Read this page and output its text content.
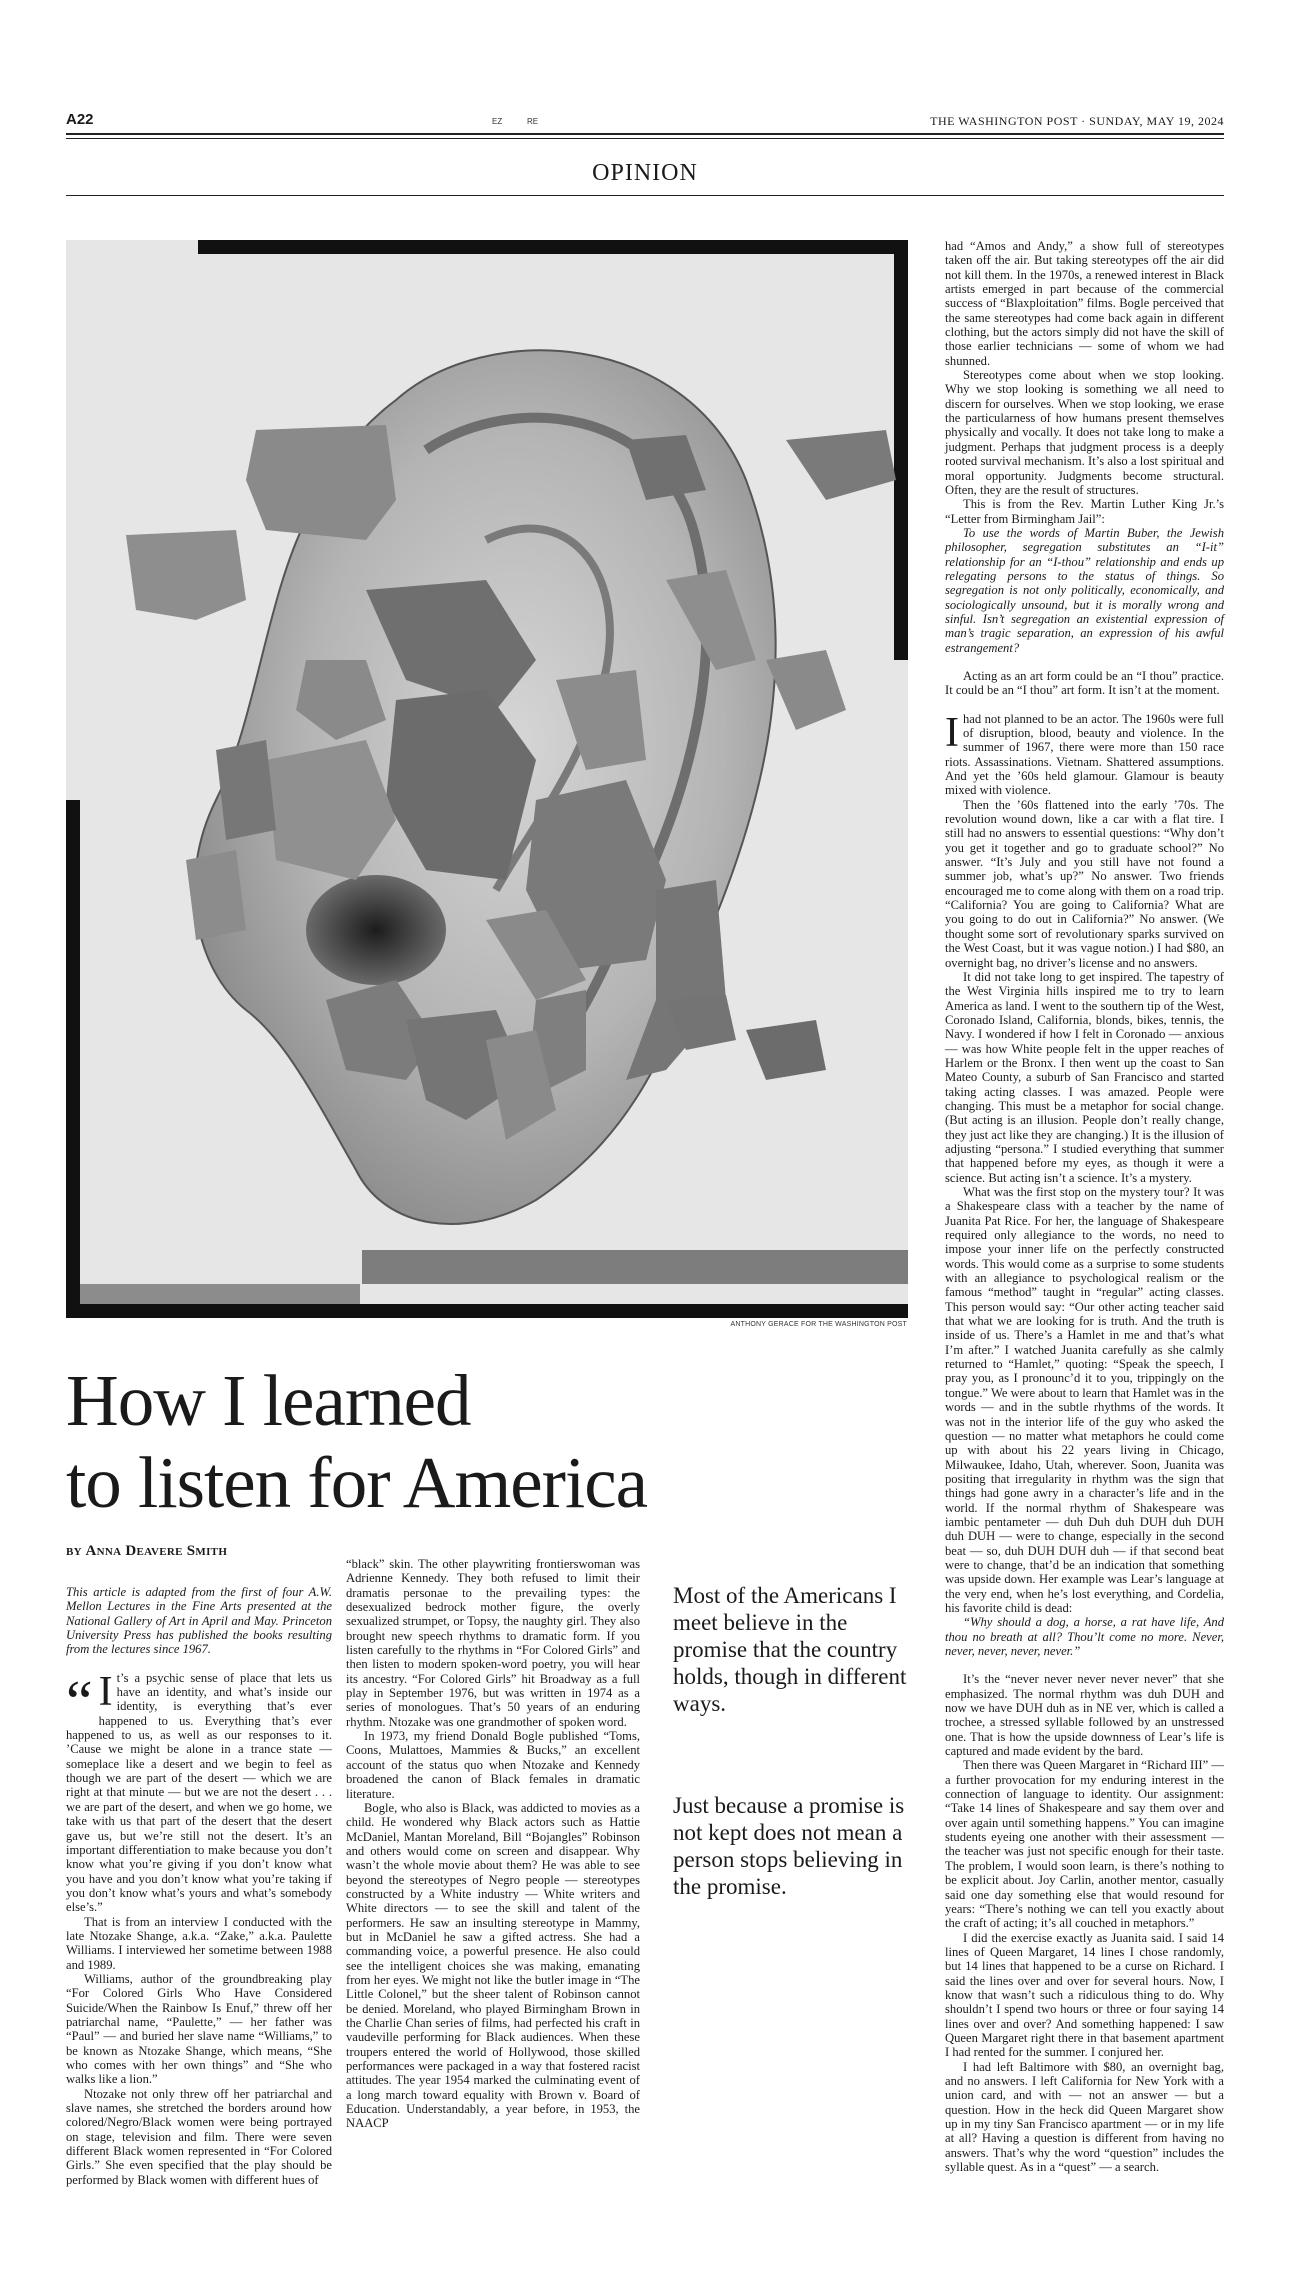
A22	EZ	RE	THE WASHINGTON POST · SUNDAY, MAY 19, 2024
OPINION
ANTHONY GERACE FOR THE WASHINGTON POST
How I learned
to listen for America
BY Anna Deavere Smith

This article is adapted from the first of four A.W. Mellon Lectures in the Fine Arts presented at the National Gallery of Art in April and May. Princeton University Press has published the books resulting from the lectures since 1967.

“ I t’s a psychic sense of place that lets us have an identity, and what’s inside our identity, is everything that’s ever happened to us. Everything that’s ever happened to us, as well as our responses to it. ’Cause we might be alone in a trance state — someplace like a desert and we begin to feel as though we are part of the desert — which we are right at that minute — but we are not the desert . . . we are part of the desert, and when we go home, we take with us that part of the desert that the desert gave us, but we’re still not the desert. It’s an important differentiation to make because you don’t know what you’re giving if you don’t know what you have and you don’t know what you’re taking if you don’t know what’s yours and what’s somebody else’s.”

That is from an interview I conducted with the late Ntozake Shange, a.k.a. “Zake,” a.k.a. Paulette Williams. I interviewed her sometime between 1988 and 1989.

Williams, author of the groundbreaking play “For Colored Girls Who Have Considered Suicide/When the Rainbow Is Enuf,” threw off her patriarchal name, “Paulette,” — her father was “Paul” — and buried her slave name “Williams,” to be known as Ntozake Shange, which means, “She who comes with her own things” and “She who walks like a lion.”

Ntozake not only threw off her patriarchal and slave names, she stretched the borders around how colored/Negro/Black women were being portrayed on stage, television and film. There were seven different Black women represented in “For Colored Girls.” She even specified that the play should be performed by Black women with different hues of

“black” skin. The other playwriting frontierswoman was Adrienne Kennedy. They both refused to limit their dramatis personae to the prevailing types: the desexualized bedrock mother figure, the overly sexualized strumpet, or Topsy, the naughty girl. They also brought new speech rhythms to dramatic form. If you listen carefully to the rhythms in “For Colored Girls” and then listen to modern spoken-word poetry, you will hear its ancestry. “For Colored Girls” hit Broadway as a full play in September 1976, but was written in 1974 as a series of monologues. That’s 50 years of an enduring rhythm. Ntozake was one grandmother of spoken word.

In 1973, my friend Donald Bogle published “Toms, Coons, Mulattoes, Mammies & Bucks,” an excellent account of the status quo when Ntozake and Kennedy broadened the canon of Black females in dramatic literature.

Bogle, who also is Black, was addicted to movies as a child. He wondered why Black actors such as Hattie McDaniel, Mantan Moreland, Bill “Bojangles” Robinson and others would come on screen and disappear. Why wasn’t the whole movie about them? He was able to see beyond the stereotypes of Negro people — stereotypes constructed by a White industry — White writers and White directors — to see the skill and talent of the performers. He saw an insulting stereotype in Mammy, but in McDaniel he saw a gifted actress. She had a commanding voice, a powerful presence. He also could see the intelligent choices she was making, emanating from her eyes. We might not like the butler image in “The Little Colonel,” but the sheer talent of Robinson cannot be denied. Moreland, who played Birmingham Brown in the Charlie Chan series of films, had perfected his craft in vaudeville performing for Black audiences. When these troupers entered the world of Hollywood, those skilled performances were packaged in a way that fostered racist attitudes. The year 1954 marked the culminating event of a long march toward equality with Brown v. Board of Education. Understandably, a year before, in 1953, the NAACP

Most of the Americans I meet believe in the promise that the country holds, though in different ways.
Just because a promise is not kept does not mean a person stops believing in the promise.

had “Amos and Andy,” a show full of stereotypes taken off the air. But taking stereotypes off the air did not kill them. In the 1970s, a renewed interest in Black artists emerged in part because of the commercial success of “Blaxploitation” films. Bogle perceived that the same stereotypes had come back again in different clothing, but the actors simply did not have the skill of those earlier technicians — some of whom we had shunned.

Stereotypes come about when we stop looking. Why we stop looking is something we all need to discern for ourselves. When we stop looking, we erase the particularness of how humans present themselves physically and vocally. It does not take long to make a judgment. Perhaps that judgment process is a deeply rooted survival mechanism. It’s also a lost spiritual and moral opportunity. Judgments become structural. Often, they are the result of structures.

This is from the Rev. Martin Luther King Jr.’s “Letter from Birmingham Jail”:

To use the words of Martin Buber, the Jewish philosopher, segregation substitutes an “I-it” relationship for an “I-thou” relationship and ends up relegating persons to the status of things. So segregation is not only politically, economically, and sociologically unsound, but it is morally wrong and sinful. Isn’t segregation an existential expression of man’s tragic separation, an expression of his awful estrangement?

Acting as an art form could be an “I thou” practice. It could be an “I thou” art form. It isn’t at the moment.

Ihad not planned to be an actor. The 1960s were full of disruption, blood, beauty and violence. In the summer of 1967, there were more than 150 race riots. Assassinations. Vietnam. Shattered assumptions. And yet the ’60s held glamour. Glamour is beauty mixed with violence.

Then the ’60s flattened into the early ’70s. The revolution wound down, like a car with a flat tire. I still had no answers to essential questions: “Why don’t you get it together and go to graduate school?” No answer. “It’s July and you still have not found a summer job, what’s up?” No answer. Two friends encouraged me to come along with them on a road trip. “California? You are going to California? What are you going to do out in California?” No answer. (We thought some sort of revolutionary sparks survived on the West Coast, but it was vague notion.) I had $80, an overnight bag, no driver’s license and no answers.

It did not take long to get inspired. The tapestry of the West Virginia hills inspired me to try to learn America as land. I went to the southern tip of the West, Coronado Island, California, blonds, bikes, tennis, the Navy. I wondered if how I felt in Coronado — anxious — was how White people felt in the upper reaches of Harlem or the Bronx. I then went up the coast to San Mateo County, a suburb of San Francisco and started taking acting classes. I was amazed. People were changing. This must be a metaphor for social change. (But acting is an illusion. People don’t really change, they just act like they are changing.) It is the illusion of adjusting “persona.” I studied everything that summer that happened before my eyes, as though it were a science. But acting isn’t a science. It’s a mystery.

What was the first stop on the mystery tour? It was a Shakespeare class with a teacher by the name of Juanita Pat Rice. For her, the language of Shakespeare required only allegiance to the words, no need to impose your inner life on the perfectly constructed words. This would come as a surprise to some students with an allegiance to psychological realism or the famous “method” taught in “regular” acting classes. This person would say: “Our other acting teacher said that what we are looking for is truth. And the truth is inside of us. There’s a Hamlet in me and that’s what I’m after.” I watched Juanita carefully as she calmly returned to “Hamlet,” quoting: “Speak the speech, I pray you, as I pronounc’d it to you, trippingly on the tongue.” We were about to learn that Hamlet was in the words — and in the subtle rhythms of the words. It was not in the interior life of the guy who asked the question — no matter what metaphors he could come up with about his 22 years living in Chicago, Milwaukee, Idaho, Utah, wherever. Soon, Juanita was positing that irregularity in rhythm was the sign that things had gone awry in a character’s life and in the world. If the normal rhythm of Shakespeare was iambic pentameter — duh Duh duh DUH duh DUH duh DUH — were to change, especially in the second beat — so, duh DUH DUH duh — if that second beat were to change, that’d be an indication that something was upside down. Her example was Lear’s language at the very end, when he’s lost everything, and Cordelia, his favorite child is dead:

“Why should a dog, a horse, a rat have life, And thou no breath at all? Thou’lt come no more. Never, never, never, never, never.”

It’s the “never never never never never” that she emphasized. The normal rhythm was duh DUH and now we have DUH duh as in NE ver, which is called a trochee, a stressed syllable followed by an unstressed one. That is how the upside downness of Lear’s life is captured and made evident by the bard.

Then there was Queen Margaret in “Richard III” — a further provocation for my enduring interest in the connection of language to identity. Our assignment: “Take 14 lines of Shakespeare and say them over and over again until something happens.” You can imagine students eyeing one another with their assessment — the teacher was just not specific enough for their taste. The problem, I would soon learn, is there’s nothing to be explicit about. Joy Carlin, another mentor, casually said one day something else that would resound for years: “There’s nothing we can tell you exactly about the craft of acting; it’s all couched in metaphors.”

I did the exercise exactly as Juanita said. I said 14 lines of Queen Margaret, 14 lines I chose randomly, but 14 lines that happened to be a curse on Richard. I said the lines over and over for several hours. Now, I know that wasn’t such a ridiculous thing to do. Why shouldn’t I spend two hours or three or four saying 14 lines over and over? And something happened: I saw Queen Margaret right there in that basement apartment I had rented for the summer. I conjured her.

I had left Baltimore with $80, an overnight bag, and no answers. I left California for New York with a union card, and with — not an answer — but a question. How in the heck did Queen Margaret show up in my tiny San Francisco apartment — or in my life at all? Having a question is different from having no answers. That’s why the word “question” includes the syllable quest. As in a “quest” — a search.
